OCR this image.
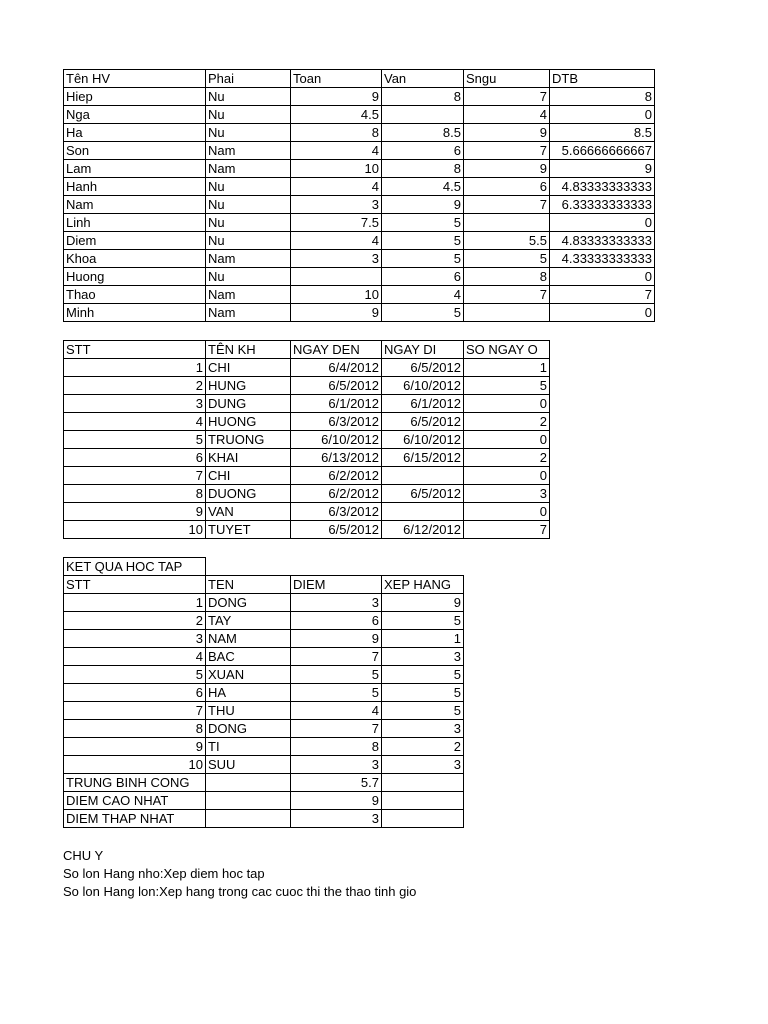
Tên HV	Phai	Toan	Van	Sngu	DTB
Hiep	Nu	9	8	7	8
Nga	Nu	4.5		4	0
Ha	Nu	8	8.5	9	8.5
Son	Nam	4	6	7	5.66666666667
Lam	Nam	10	8	9	9
Hanh	Nu	4	4.5	6	4.83333333333
Nam	Nu	3	9	7	6.33333333333
Linh	Nu	7.5	5		0
Diem	Nu	4	5	5.5	4.83333333333
Khoa	Nam	3	5	5	4.33333333333
Huong	Nu		6	8	0
Thao	Nam	10	4	7	7
Minh	Nam	9	5		0
STT	TÊN KH	NGAY DEN	NGAY DI	SO NGAY O
1	CHI	6/4/2012	6/5/2012	1
2	HUNG	6/5/2012	6/10/2012	5
3	DUNG	6/1/2012	6/1/2012	0
4	HUONG	6/3/2012	6/5/2012	2
5	TRUONG	6/10/2012	6/10/2012	0
6	KHAI	6/13/2012	6/15/2012	2
7	CHI	6/2/2012		0
8	DUONG	6/2/2012	6/5/2012	3
9	VAN	6/3/2012		0
10	TUYET	6/5/2012	6/12/2012	7
KET QUA HOC TAP			
STT	TEN	DIEM	XEP HANG
1	DONG	3	9
2	TAY	6	5
3	NAM	9	1
4	BAC	7	3
5	XUAN	5	5
6	HA	5	5
7	THU	4	5
8	DONG	7	3
9	TI	8	2
10	SUU	3	3
TRUNG BINH CONG		5.7	
DIEM CAO NHAT		9	
DIEM THAP NHAT		3	
CHU Y
So lon Hang nho:Xep diem hoc tap
So lon Hang lon:Xep hang trong cac cuoc thi the thao tinh gio
